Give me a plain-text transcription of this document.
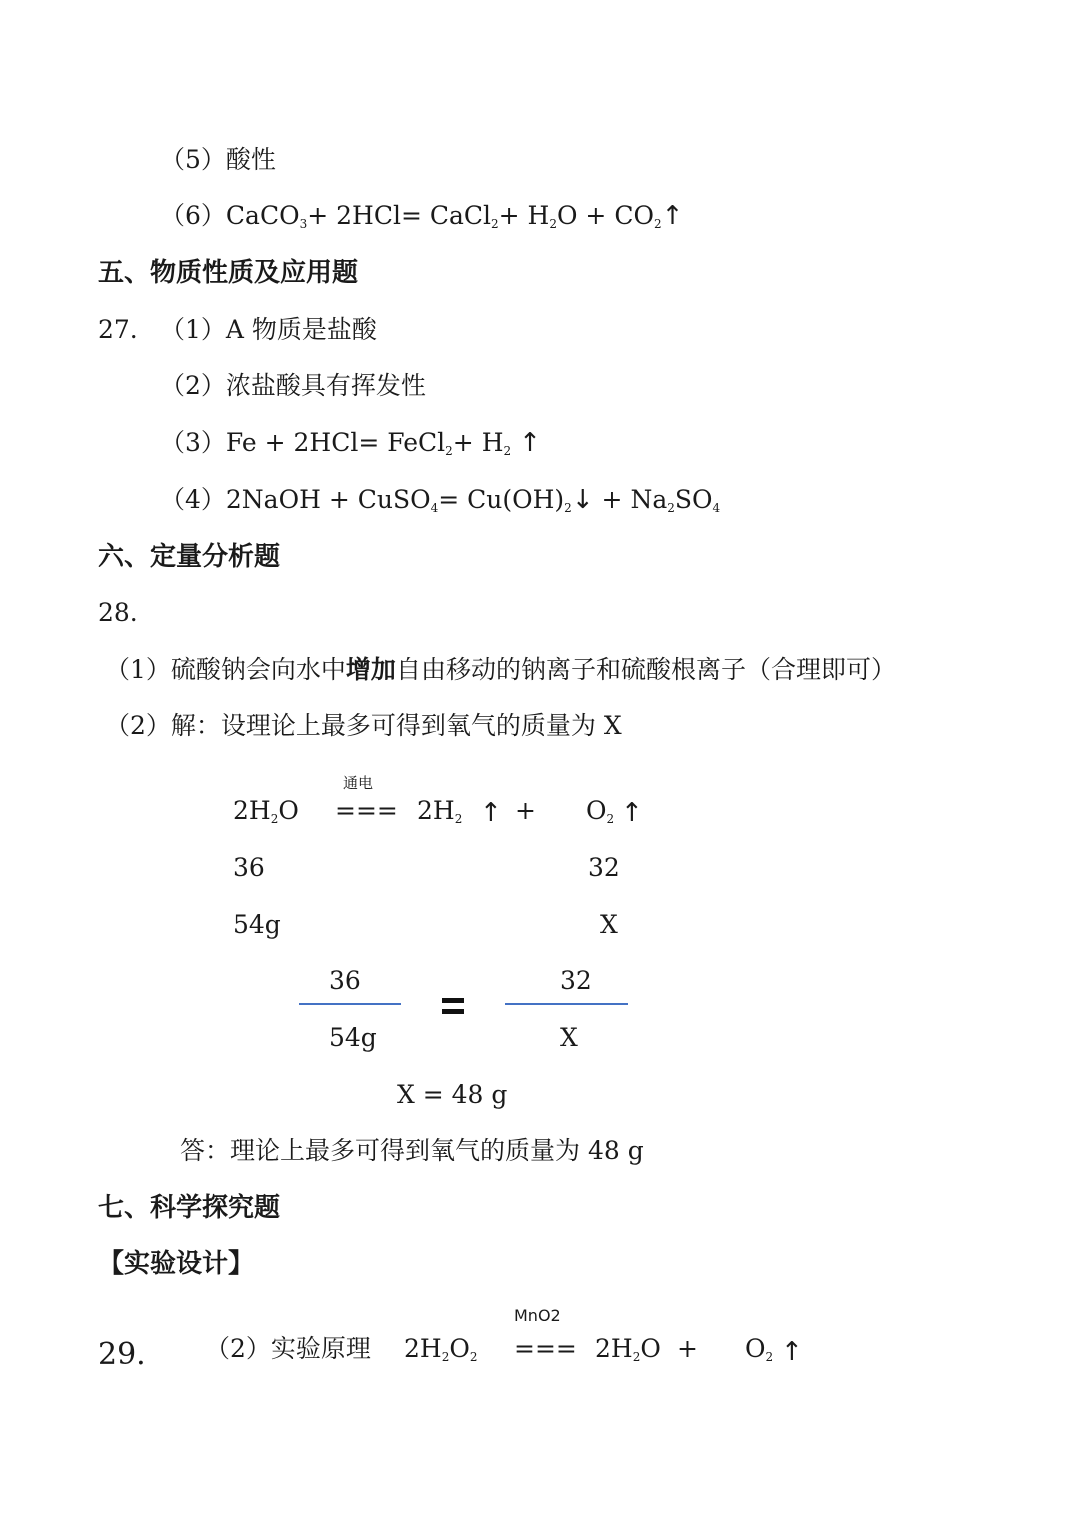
（5）酸性
（6）CaCO$_3$+ 2HCl= CaCl$_2$+ $H_2O$ + $CO_2↑$
五、物质性质及应用题
27. （1）A 物质是盐酸
（2）浓盐酸具有挥发性
（3）Fe + 2HCl= FeCl$_2$+ $H_2$ ↑
（4）2NaOH + CuSO$_4$= $Cu(OH)_2↓ + Na_2SO_4$
六、定量分析题
28.
（1）硫酸钠会向水中增加自由移动的钠离子和硫酸根离子（合理即可）
（2）解：设理论上最多可得到氧气的质量为 X
通电
$2H_2O$ === $2H_2$ ↑ + $O_2$ ↑
36	32
54g	X
36
54g
32
X
X = 48 g
答：理论上最多可得到氧气的质量为 48 g
七、科学探究题
【实验设计】
29. （2）实验原理 $2H_2O_2$
MnO2
=== $2H_2O + O_2$ ↑
